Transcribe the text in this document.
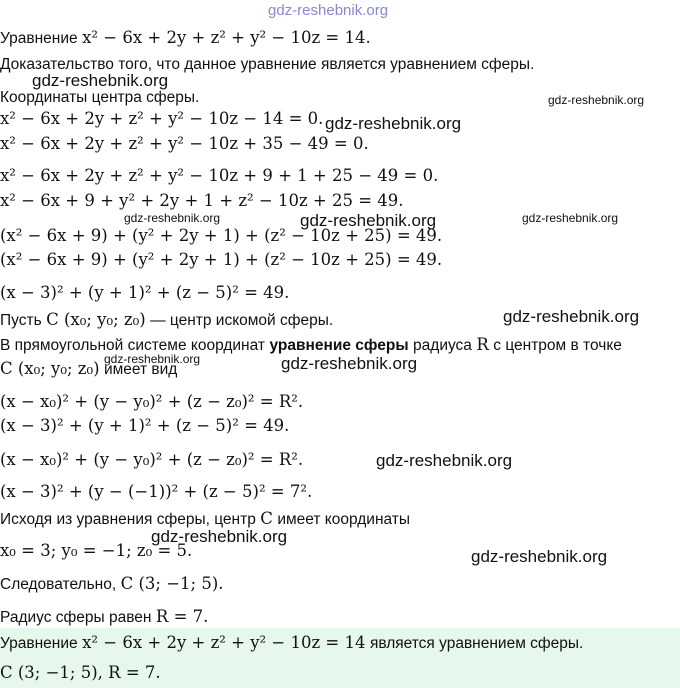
gdz-reshebnik.org
Уравнение x² − 6x + 2y + z² + y² − 10z = 14.
Доказательство того, что данное уравнение является уравнением сферы.
gdz-reshebnik.org
Координаты центра сферы.	gdz-reshebnik.org
x² − 6x + 2y + z² + y² − 10z − 14 = 0. gdz-reshebnik.org
x² − 6x + 2y + z² + y² − 10z + 35 − 49 = 0.
x² − 6x + 2y + z² + y² − 10z + 9 + 1 + 25 − 49 = 0.
x² − 6x + 9 + y² + 2y + 1 + z² − 10z + 25 = 49.
gdz-reshebnik.org	gdz-reshebnik.org	gdz-reshebnik.org
(x² − 6x + 9) + (y² + 2y + 1) + (z² − 10z + 25) = 49.
(x² − 6x + 9) + (y² + 2y + 1) + (z² − 10z + 25) = 49.
(x − 3)² + (y + 1)² + (z − 5)² = 49.
Пусть C (x₀; y₀; z₀) — центр искомой сферы.	gdz-reshebnik.org
В прямоугольной системе координат уравнение сферы радиуса R с центром в точке
gdz-reshebnik.org
C (x₀; y₀; z₀) имеет вид	gdz-reshebnik.org
(x − x₀)² + (y − y₀)² + (z − z₀)² = R².
(x − 3)² + (y + 1)² + (z − 5)² = 49.
(x − x₀)² + (y − y₀)² + (z − z₀)² = R².	gdz-reshebnik.org
(x − 3)² + (y − (−1))² + (z − 5)² = 7².
Исходя из уравнения сферы, центр C имеет координаты
gdz-reshebnik.org
x₀ = 3; y₀ = −1; z₀ = 5.	gdz-reshebnik.org
Следовательно, C (3; −1; 5).
Радиус сферы равен R = 7.
Уравнение x² − 6x + 2y + z² + y² − 10z = 14 является уравнением сферы.
C (3; −1; 5), R = 7.
